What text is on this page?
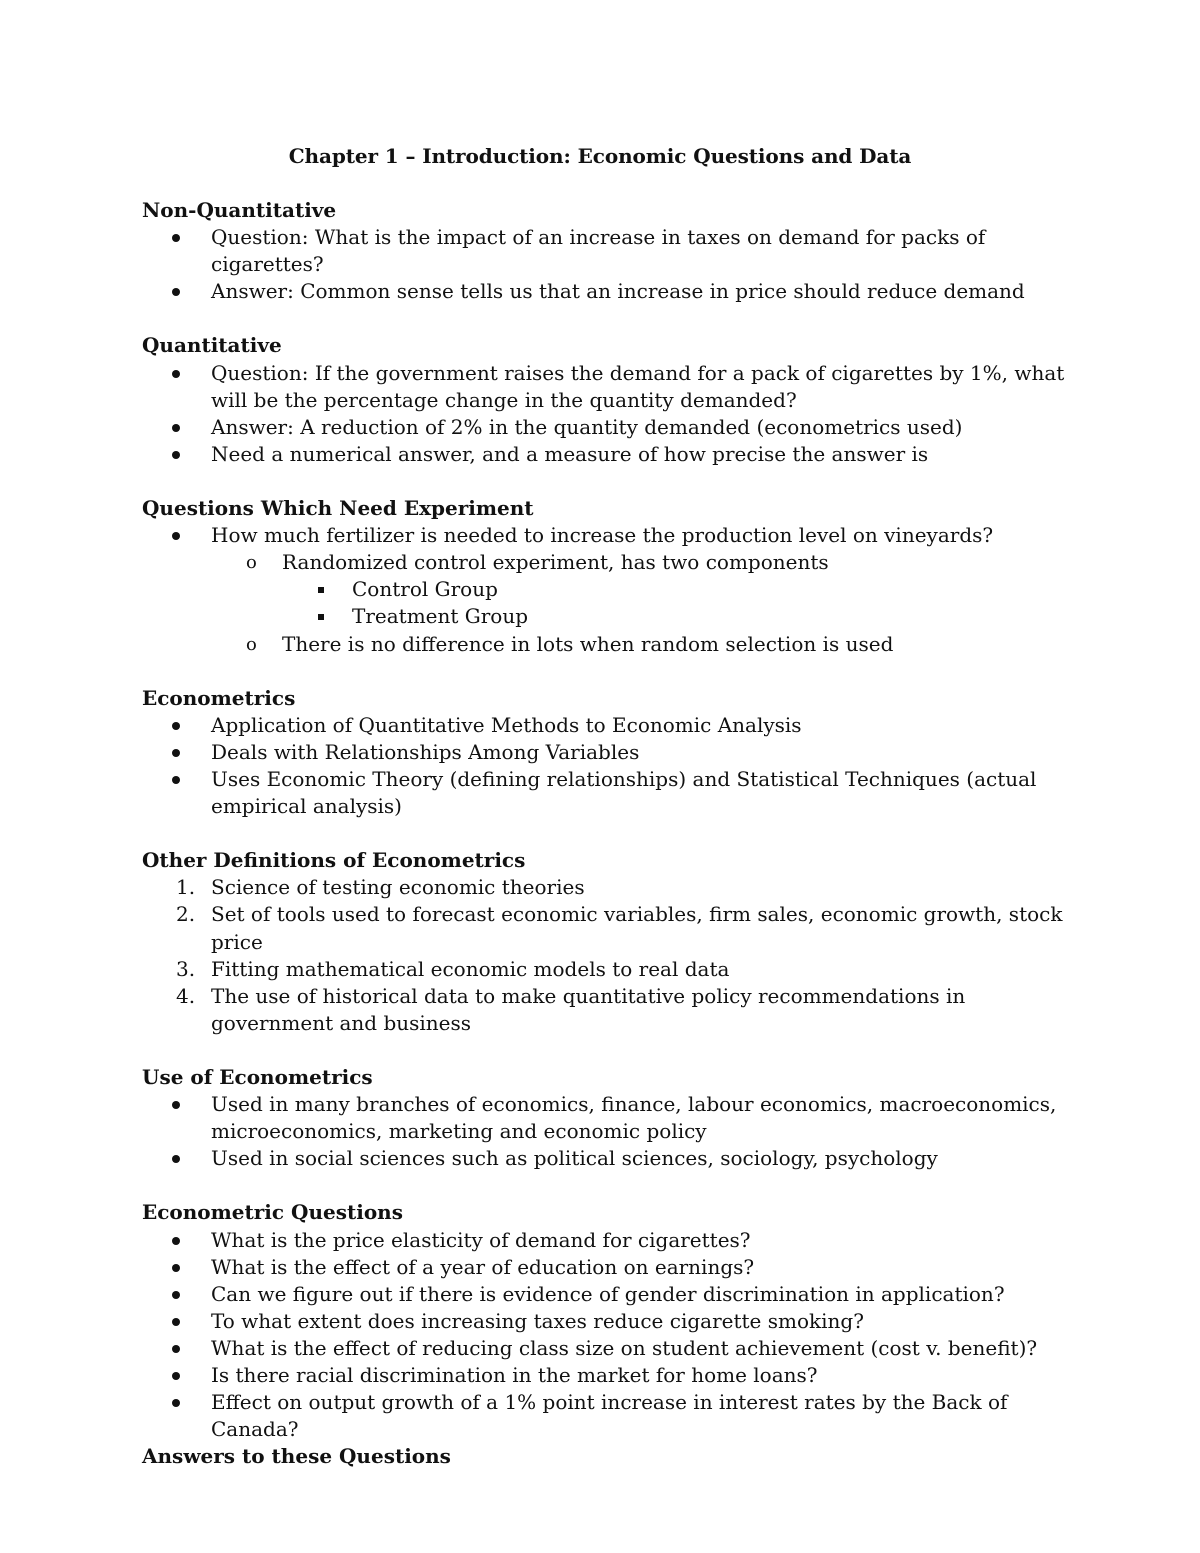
Chapter 1 – Introduction: Economic Questions and Data

Non-Quantitative

Question: What is the impact of an increase in taxes on demand for packs of cigarettes?
Answer: Common sense tells us that an increase in price should reduce demand

Quantitative

Question: If the government raises the demand for a pack of cigarettes by 1%, what will be the percentage change in the quantity demanded?
Answer: A reduction of 2% in the quantity demanded (econometrics used)
Need a numerical answer, and a measure of how precise the answer is

Questions Which Need Experiment

How much fertilizer is needed to increase the production level on vineyards?
o Randomized control experiment, has two components
Control Group
Treatment Group
o There is no difference in lots when random selection is used

Econometrics

Application of Quantitative Methods to Economic Analysis
Deals with Relationships Among Variables
Uses Economic Theory (defining relationships) and Statistical Techniques (actual empirical analysis)

Other Definitions of Econometrics

1. Science of testing economic theories
2. Set of tools used to forecast economic variables, firm sales, economic growth, stock price
3. Fitting mathematical economic models to real data
4. The use of historical data to make quantitative policy recommendations in government and business

Use of Econometrics

Used in many branches of economics, finance, labour economics, macroeconomics, microeconomics, marketing and economic policy
Used in social sciences such as political sciences, sociology, psychology

Econometric Questions

What is the price elasticity of demand for cigarettes?
What is the effect of a year of education on earnings?
Can we figure out if there is evidence of gender discrimination in application?
To what extent does increasing taxes reduce cigarette smoking?
What is the effect of reducing class size on student achievement (cost v. benefit)?
Is there racial discrimination in the market for home loans?
Effect on output growth of a 1% point increase in interest rates by the Back of Canada?

Answers to these Questions
